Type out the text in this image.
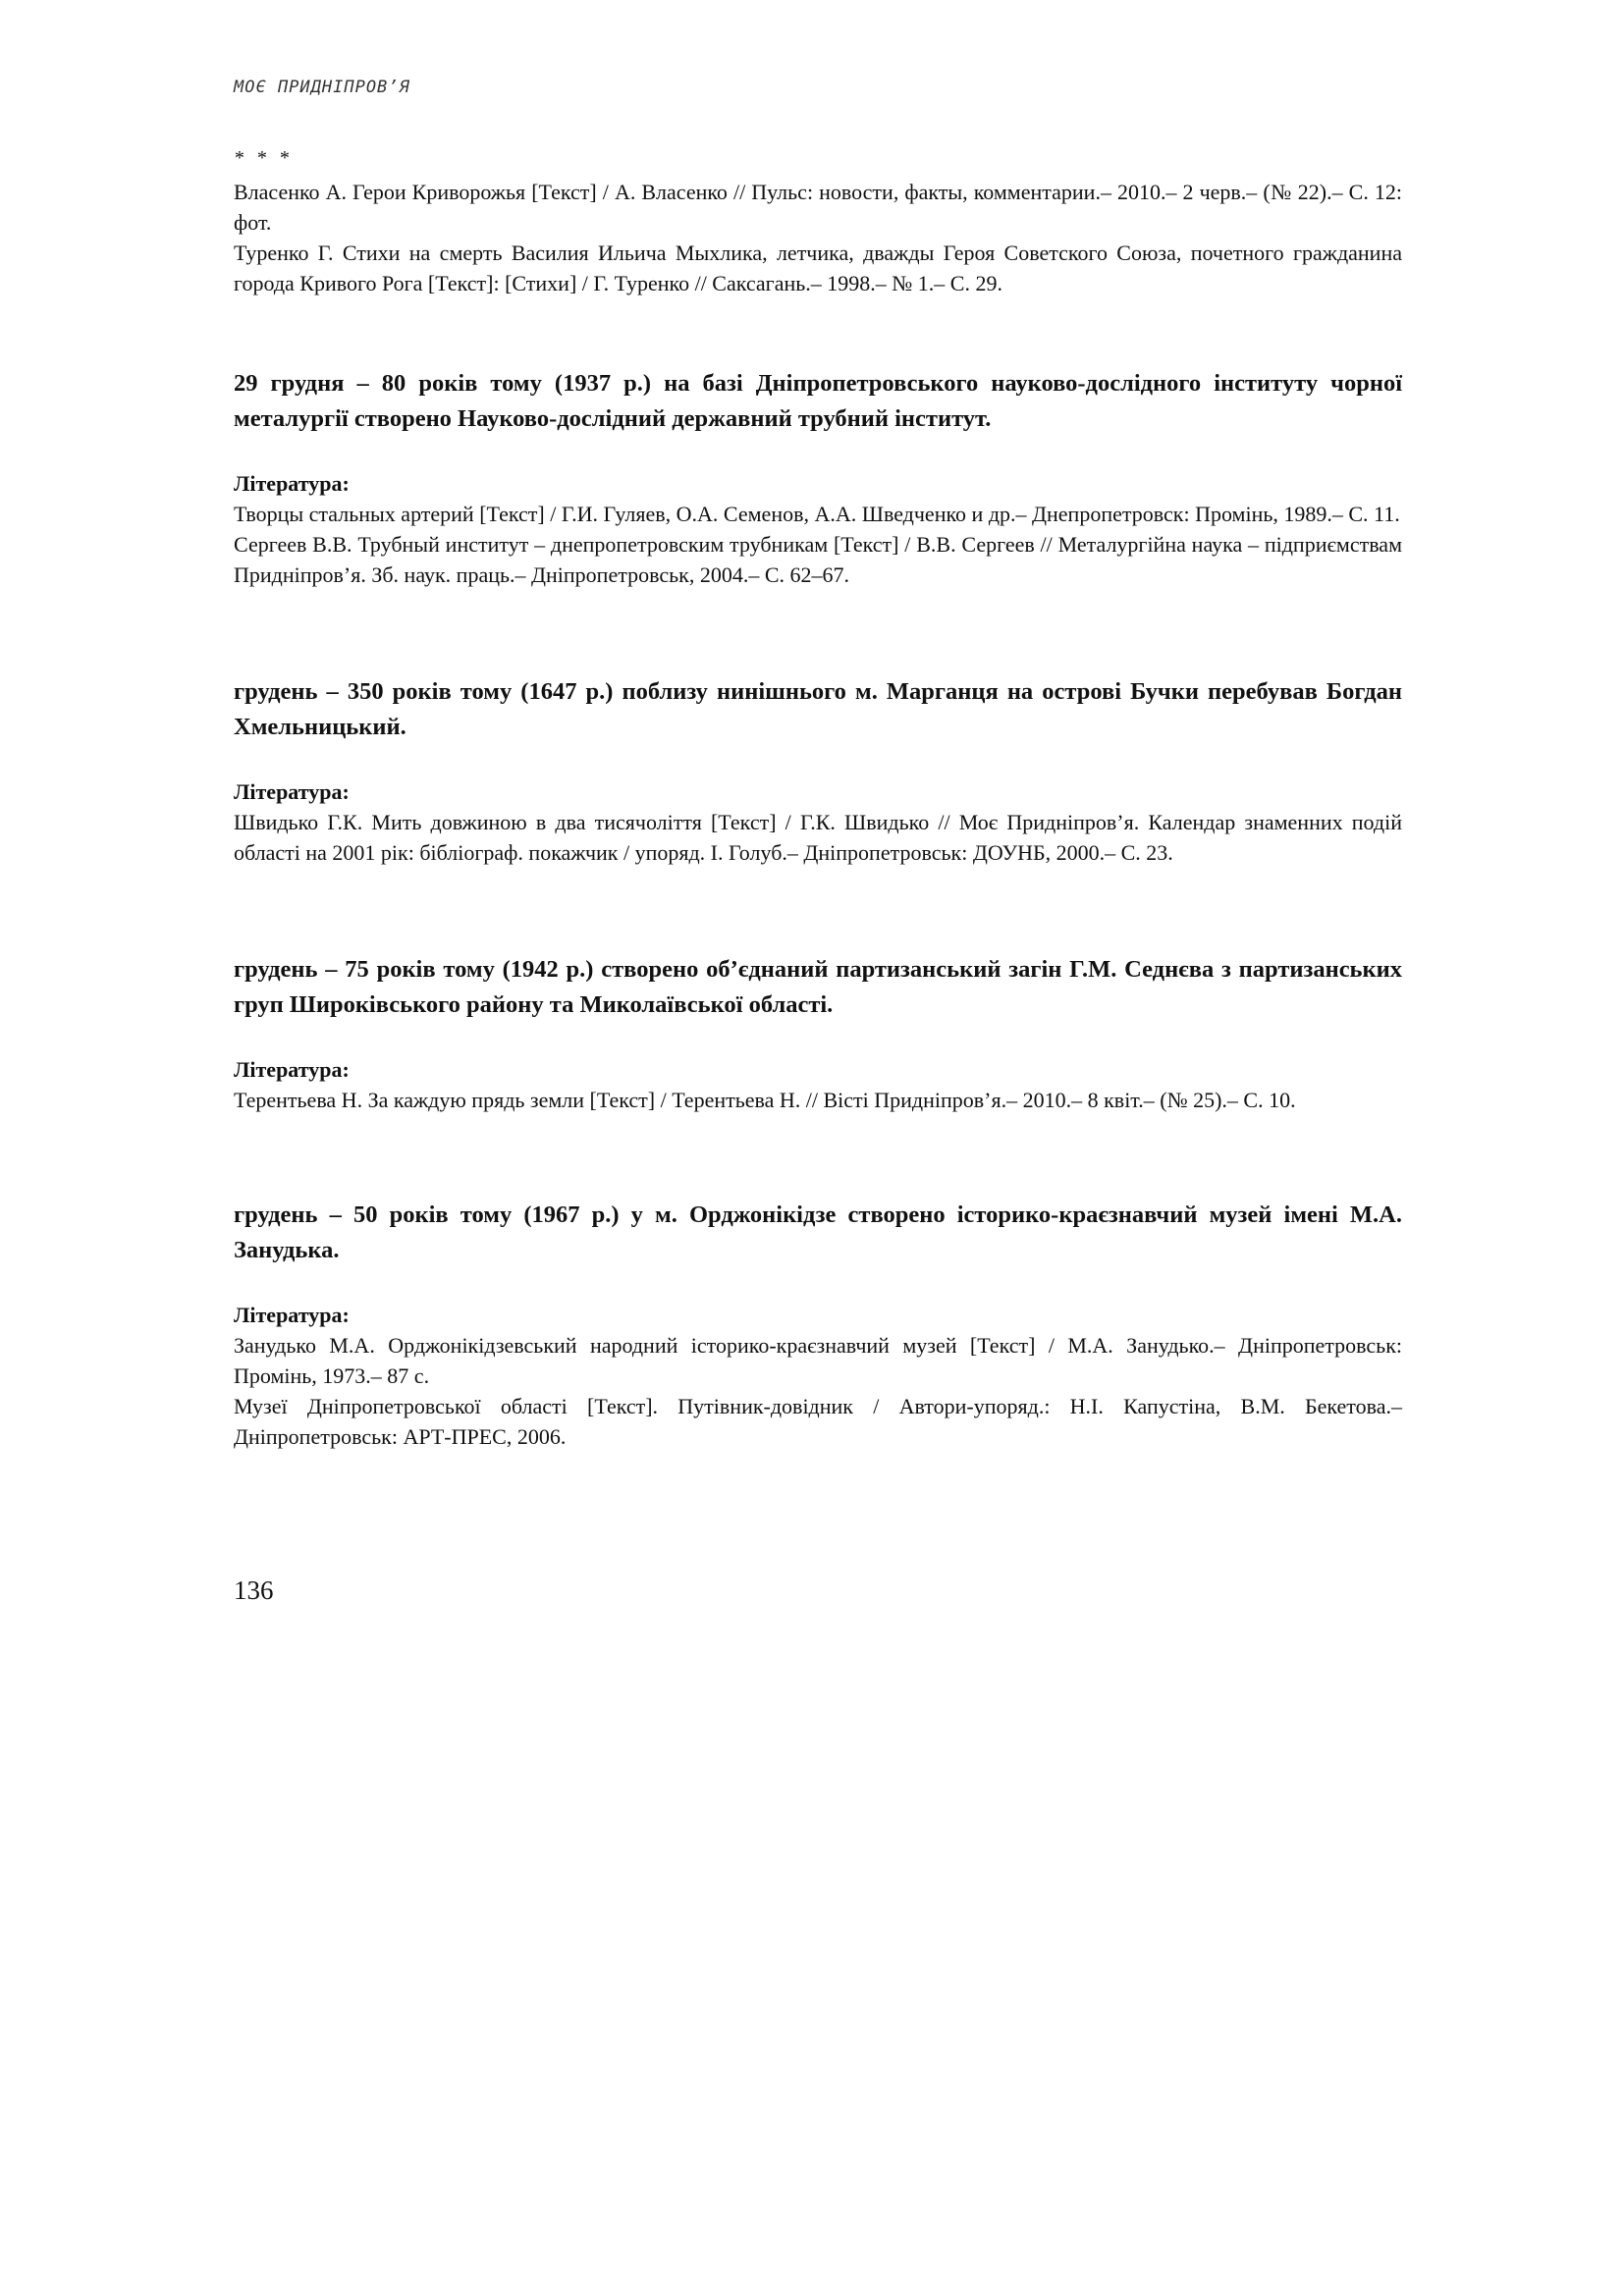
МОЄ ПРИДНІПРОВ’Я
* * *

Власенко А. Герои Криворожья [Текст] / А. Власенко // Пульс: новости, факты, комментарии.– 2010.– 2 черв.– (№ 22).– С. 12: фот.

Туренко Г. Стихи на смерть Василия Ильича Мыхлика, летчика, дважды Героя Советского Союза, почетного гражданина города Кривого Рога [Текст]: [Стихи] / Г. Туренко // Саксагань.– 1998.– № 1.– С. 29.

29 грудня – 80 років тому (1937 р.) на базі Дніпропетровського науково-дослідного інституту чорної металургії створено Науково-дослідний державний трубний інститут.

Література:

Творцы стальных артерий [Текст] / Г.И. Гуляев, О.А. Семенов, А.А. Шведченко и др.– Днепропетровск: Промінь, 1989.– С. 11.

Сергеев В.В. Трубный институт – днепропетровским трубникам [Текст] / В.В. Сергеев // Металургійна наука – підприємствам Придніпров’я. Зб. наук. праць.– Дніпропетровськ, 2004.– С. 62–67.

грудень – 350 років тому (1647 р.) поблизу нинішнього м. Марганця на острові Бучки перебував Богдан Хмельницький.

Література:

Швидько Г.К. Мить довжиною в два тисячоліття [Текст] / Г.К. Швидько // Моє Придніпров’я. Календар знаменних подій області на 2001 рік: бібліограф. покажчик / упоряд. І. Голуб.– Дніпропетровськ: ДОУНБ, 2000.– С. 23.

грудень – 75 років тому (1942 р.) створено об’єднаний партизанський загін Г.М. Седнєва з партизанських груп Широківського району та Миколаївської області.

Література:

Терентьева Н. За каждую прядь земли [Текст] / Терентьева Н. // Вісті Придніпров’я.– 2010.– 8 квіт.– (№ 25).– С. 10.

грудень – 50 років тому (1967 р.) у м. Орджонікідзе створено історико-краєзнавчий музей імені М.А. Занудька.

Література:

Занудько М.А. Орджонікідзевський народний історико-краєзнавчий музей [Текст] / М.А. Занудько.– Дніпропетровськ: Промінь, 1973.– 87 с.

Музеї Дніпропетровської області [Текст]. Путівник-довідник / Автори-упоряд.: Н.І. Капустіна, В.М. Бекетова.– Дніпропетровськ: АРТ-ПРЕС, 2006.

136
